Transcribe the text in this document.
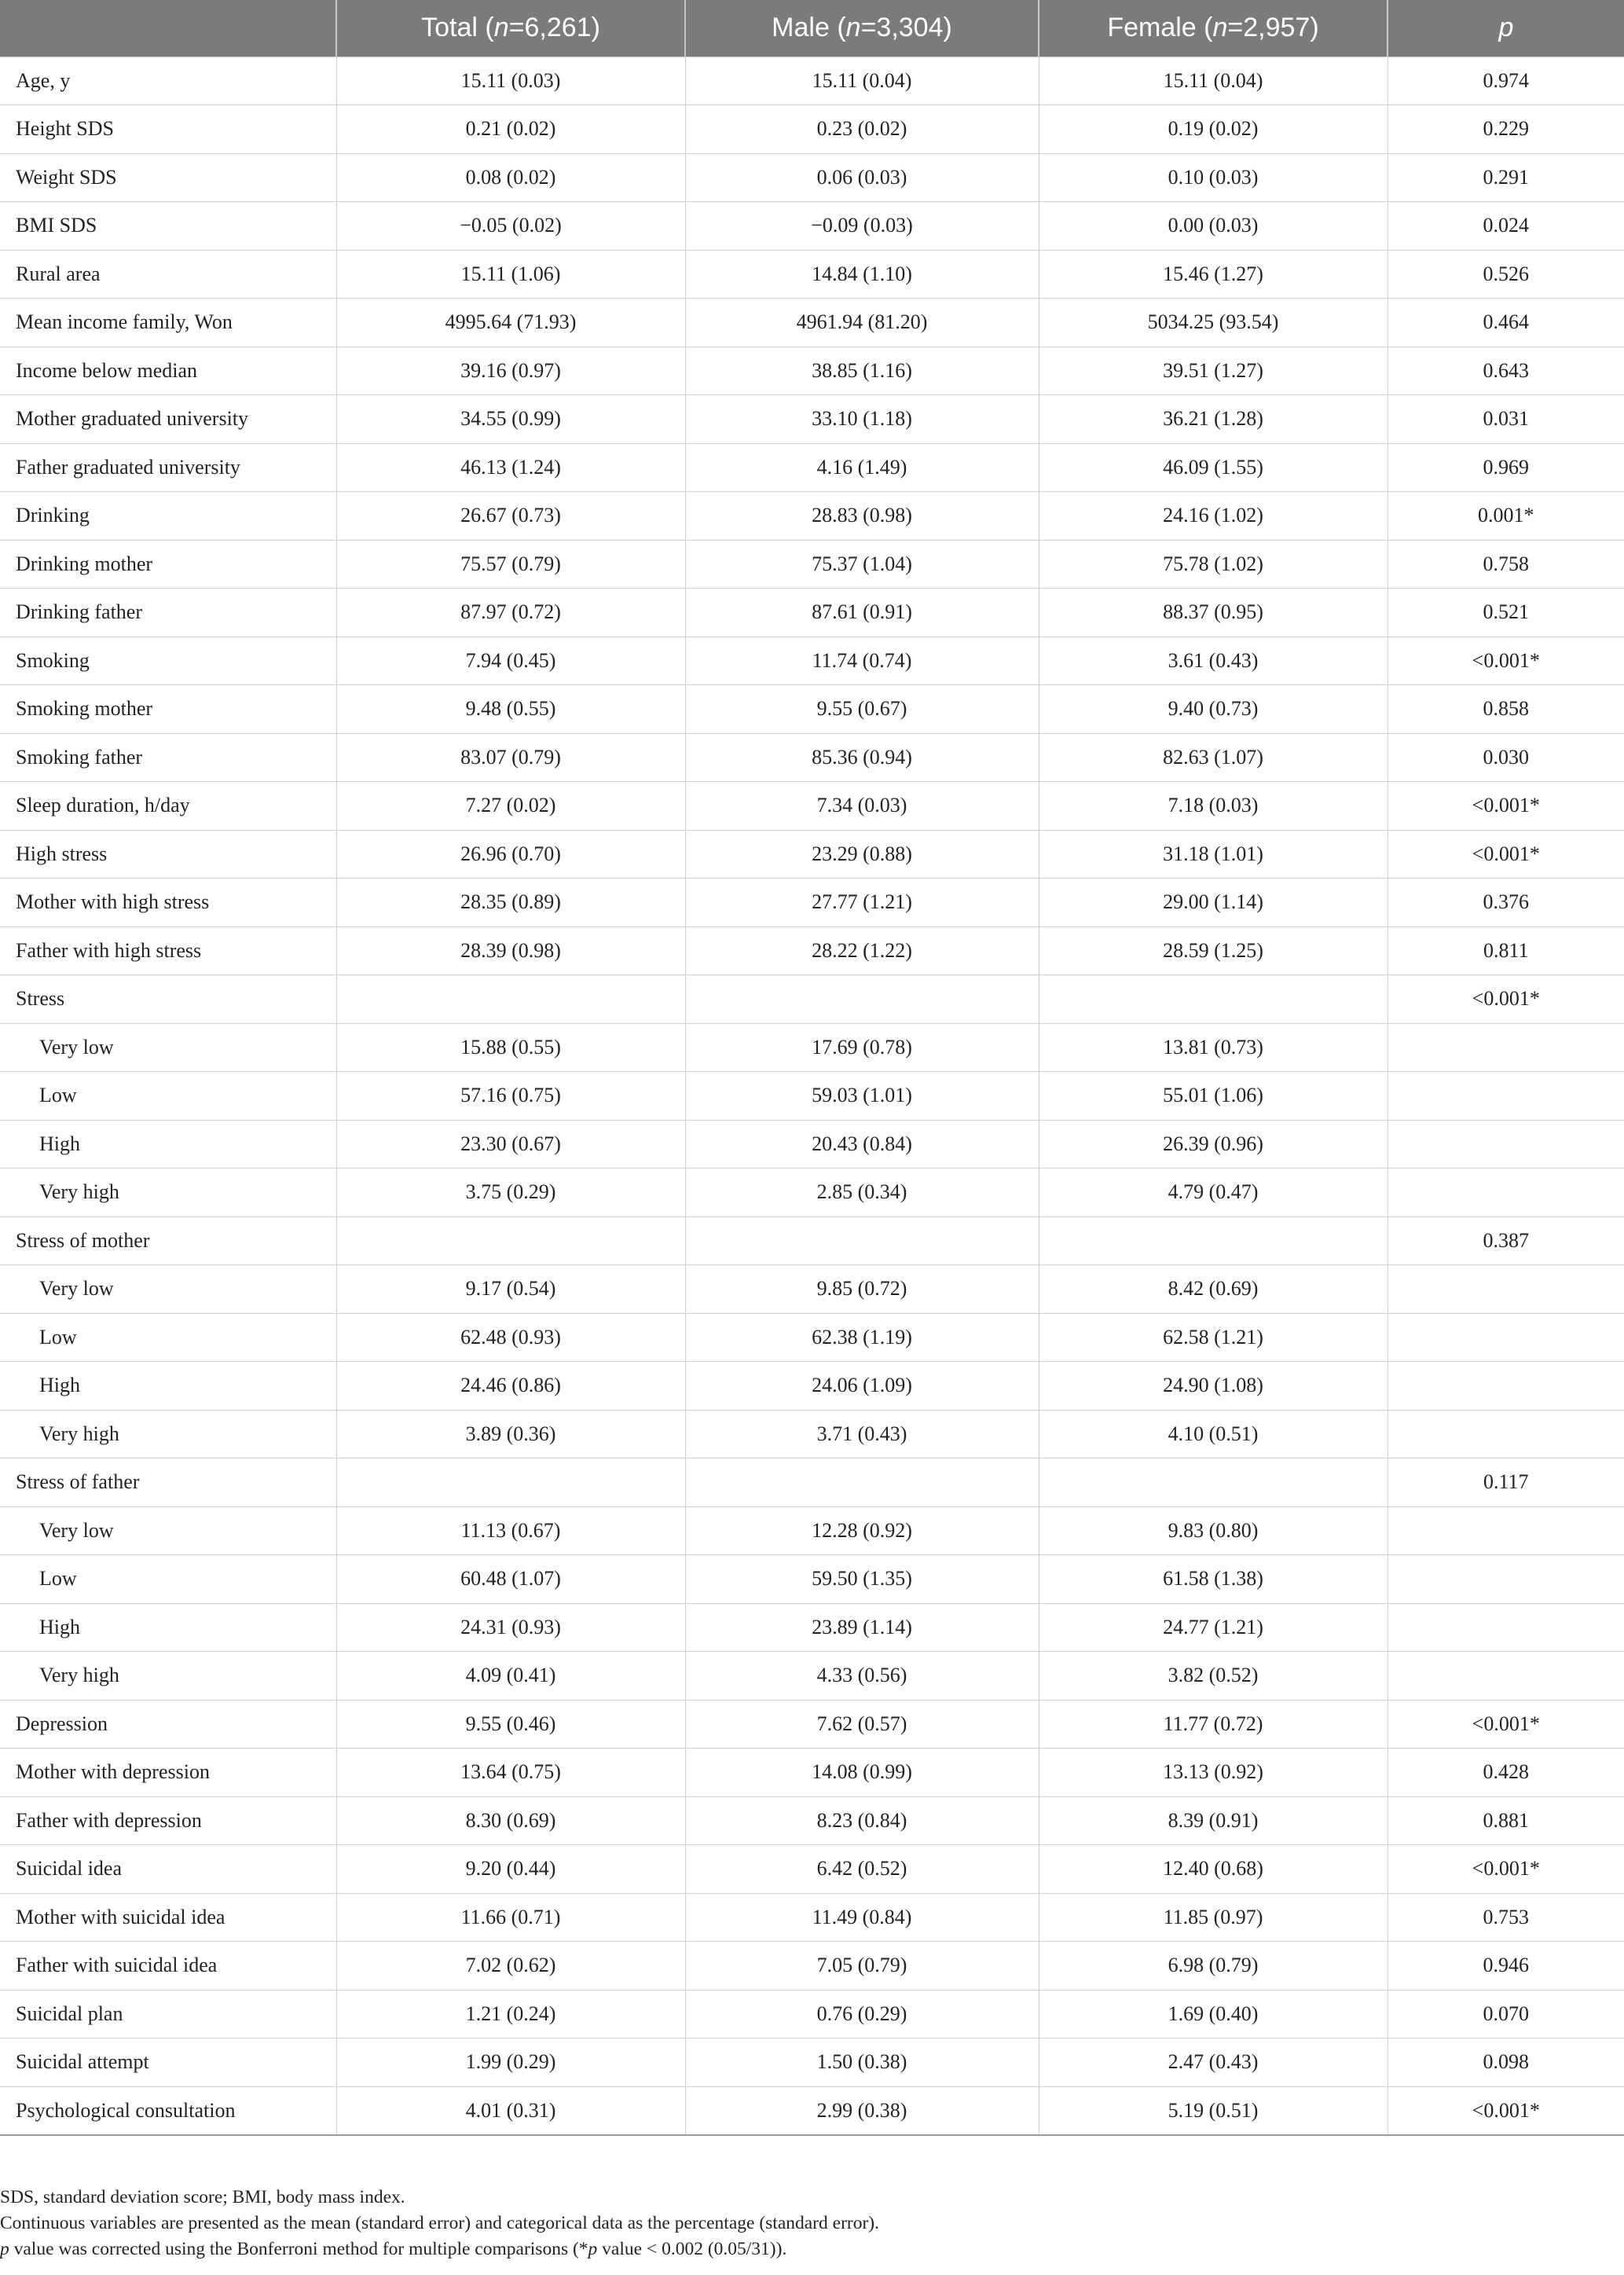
	Total (n=6,261)	Male (n=3,304)	Female (n=2,957)	p
Age, y	15.11 (0.03)	15.11 (0.04)	15.11 (0.04)	0.974
Height SDS	0.21 (0.02)	0.23 (0.02)	0.19 (0.02)	0.229
Weight SDS	0.08 (0.02)	0.06 (0.03)	0.10 (0.03)	0.291
BMI SDS	−0.05 (0.02)	−0.09 (0.03)	0.00 (0.03)	0.024
Rural area	15.11 (1.06)	14.84 (1.10)	15.46 (1.27)	0.526
Mean income family, Won	4995.64 (71.93)	4961.94 (81.20)	5034.25 (93.54)	0.464
Income below median	39.16 (0.97)	38.85 (1.16)	39.51 (1.27)	0.643
Mother graduated university	34.55 (0.99)	33.10 (1.18)	36.21 (1.28)	0.031
Father graduated university	46.13 (1.24)	4.16 (1.49)	46.09 (1.55)	0.969
Drinking	26.67 (0.73)	28.83 (0.98)	24.16 (1.02)	0.001*
Drinking mother	75.57 (0.79)	75.37 (1.04)	75.78 (1.02)	0.758
Drinking father	87.97 (0.72)	87.61 (0.91)	88.37 (0.95)	0.521
Smoking	7.94 (0.45)	11.74 (0.74)	3.61 (0.43)	<0.001*
Smoking mother	9.48 (0.55)	9.55 (0.67)	9.40 (0.73)	0.858
Smoking father	83.07 (0.79)	85.36 (0.94)	82.63 (1.07)	0.030
Sleep duration, h/day	7.27 (0.02)	7.34 (0.03)	7.18 (0.03)	<0.001*
High stress	26.96 (0.70)	23.29 (0.88)	31.18 (1.01)	<0.001*
Mother with high stress	28.35 (0.89)	27.77 (1.21)	29.00 (1.14)	0.376
Father with high stress	28.39 (0.98)	28.22 (1.22)	28.59 (1.25)	0.811
Stress				<0.001*
Very low	15.88 (0.55)	17.69 (0.78)	13.81 (0.73)	
Low	57.16 (0.75)	59.03 (1.01)	55.01 (1.06)	
High	23.30 (0.67)	20.43 (0.84)	26.39 (0.96)	
Very high	3.75 (0.29)	2.85 (0.34)	4.79 (0.47)	
Stress of mother				0.387
Very low	9.17 (0.54)	9.85 (0.72)	8.42 (0.69)	
Low	62.48 (0.93)	62.38 (1.19)	62.58 (1.21)	
High	24.46 (0.86)	24.06 (1.09)	24.90 (1.08)	
Very high	3.89 (0.36)	3.71 (0.43)	4.10 (0.51)	
Stress of father				0.117
Very low	11.13 (0.67)	12.28 (0.92)	9.83 (0.80)	
Low	60.48 (1.07)	59.50 (1.35)	61.58 (1.38)	
High	24.31 (0.93)	23.89 (1.14)	24.77 (1.21)	
Very high	4.09 (0.41)	4.33 (0.56)	3.82 (0.52)	
Depression	9.55 (0.46)	7.62 (0.57)	11.77 (0.72)	<0.001*
Mother with depression	13.64 (0.75)	14.08 (0.99)	13.13 (0.92)	0.428
Father with depression	8.30 (0.69)	8.23 (0.84)	8.39 (0.91)	0.881
Suicidal idea	9.20 (0.44)	6.42 (0.52)	12.40 (0.68)	<0.001*
Mother with suicidal idea	11.66 (0.71)	11.49 (0.84)	11.85 (0.97)	0.753
Father with suicidal idea	7.02 (0.62)	7.05 (0.79)	6.98 (0.79)	0.946
Suicidal plan	1.21 (0.24)	0.76 (0.29)	1.69 (0.40)	0.070
Suicidal attempt	1.99 (0.29)	1.50 (0.38)	2.47 (0.43)	0.098
Psychological consultation	4.01 (0.31)	2.99 (0.38)	5.19 (0.51)	<0.001*

SDS, standard deviation score; BMI, body mass index.

Continuous variables are presented as the mean (standard error) and categorical data as the percentage (standard error).

p value was corrected using the Bonferroni method for multiple comparisons (*p value < 0.002 (0.05/31)).
